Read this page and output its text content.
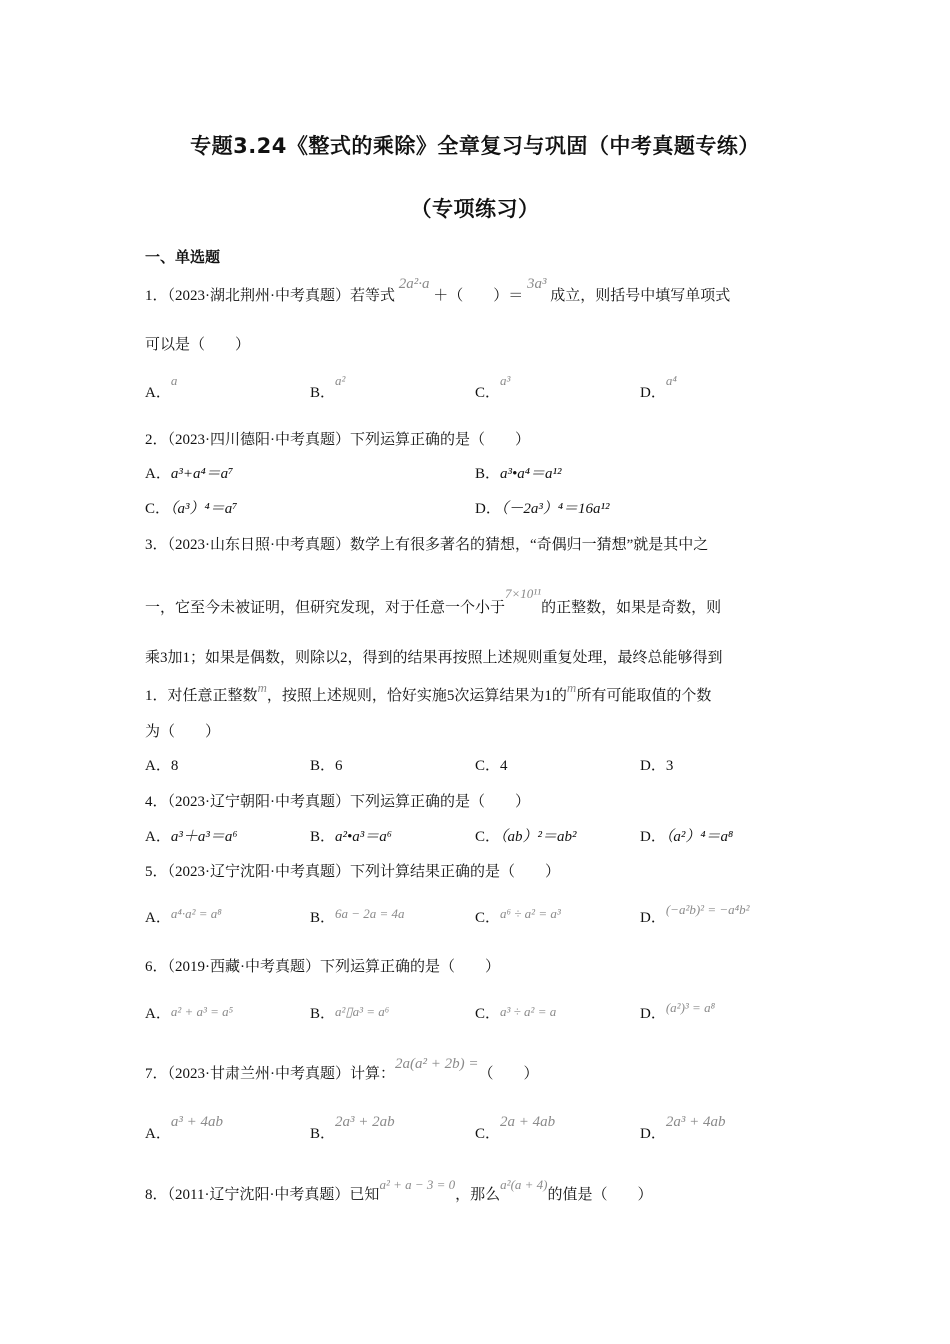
专题3.24《整式的乘除》全章复习与巩固（中考真题专练）
（专项练习）
一、单选题
1．（2023·湖北荆州·中考真题）若等式 2a²·a ＋（　　）＝ 3a³ 成立，则括号中填写单项式
可以是（　　）
A．a
B．a²
C．a³
D．a⁴
2．（2023·四川德阳·中考真题）下列运算正确的是（　　）
A．a³+a⁴＝a⁷	B．a³•a⁴＝a¹²
C．（a³）⁴＝a⁷	D．（－2a³）⁴＝16a¹²
3．（2023·山东日照·中考真题）数学上有很多著名的猜想，“奇偶归一猜想”就是其中之
一，它至今未被证明，但研究发现，对于任意一个小于7×10¹¹的正整数，如果是奇数，则
乘3加1；如果是偶数，则除以2，得到的结果再按照上述规则重复处理，最终总能够得到
1．对任意正整数m，按照上述规则，恰好实施5次运算结果为1的m所有可能取值的个数
为（　　）
A．8	B．6	C．4	D．3
4．（2023·辽宁朝阳·中考真题）下列运算正确的是（　　）
A．a³＋a³＝a⁶	B．a²•a³＝a⁶	C．（ab）²＝ab²	D．（a²）⁴＝a⁸
5．（2023·辽宁沈阳·中考真题）下列计算结果正确的是（　　）
A．a⁴·a² = a⁸	B．6a − 2a = 4a	C．a⁶ ÷ a² = a³	D．(−a²b)² = −a⁴b²
6．（2019·西藏·中考真题）下列运算正确的是（　　）
A．a² + a³ = a⁵	B．a²▯a³ = a⁶	C．a³ ÷ a² = a	D．(a²)³ = a⁸
7．（2023·甘肃兰州·中考真题）计算：2a(a² + 2b) =（　　）
A．a³ + 4ab
B．2a³ + 2ab
C．2a + 4ab
D．2a³ + 4ab
8．（2011·辽宁沈阳·中考真题）已知a² + a − 3 = 0，那么a²(a + 4)的值是（　　）
